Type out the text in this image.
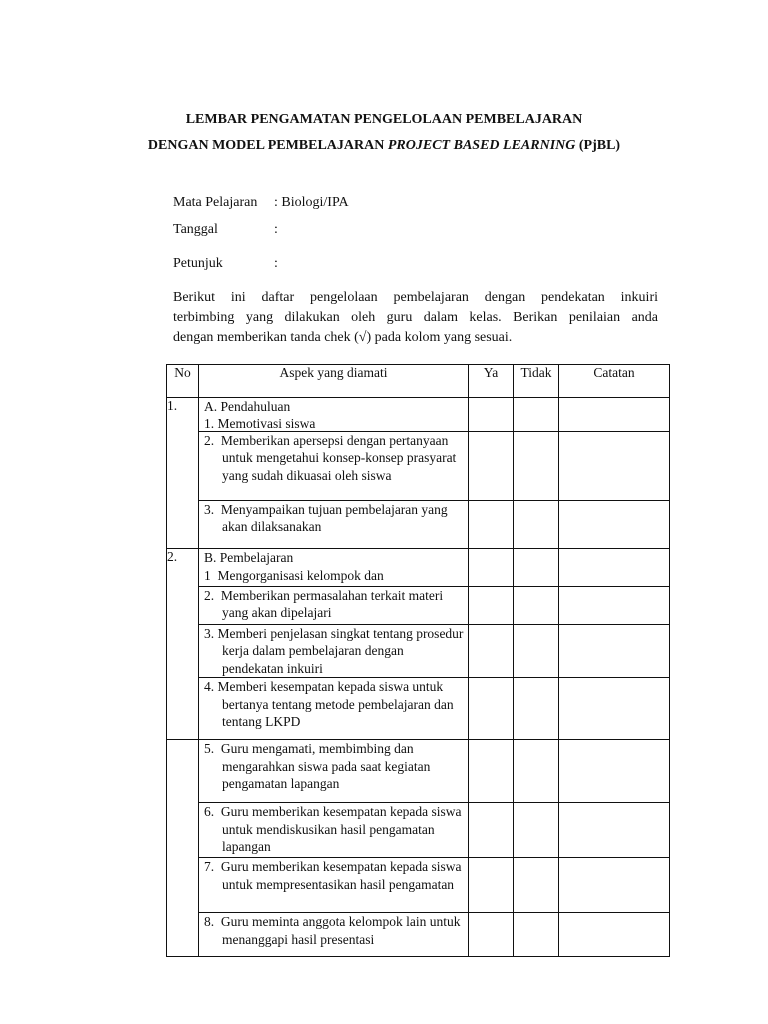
LEMBAR PENGAMATAN PENGELOLAAN PEMBELAJARAN
DENGAN MODEL PEMBELAJARAN PROJECT BASED LEARNING (PjBL)
Mata Pelajaran : Biologi/IPA
Tanggal	:
Petunjuk	:
Berikut ini daftar pengelolaan pembelajaran dengan pendekatan inkuiri
terbimbing yang dilakukan oleh guru dalam kelas. Berikan penilaian anda
dengan memberikan tanda chek (√) pada kolom yang sesuai.
No	Aspek yang diamati	Ya	Tidak	Catatan
1.	A. Pendahuluan
1. Memotivasi siswa			

	2. Memberikan apersepsi dengan pertanyaan untuk mengetahui konsep-konsep prasyarat yang sudah dikuasai oleh siswa			

	3. Menyampaikan tujuan pembelajaran yang akan dilaksanakan			

2.	B. Pembelajaran
1 Mengorganisasi kelompok dan			

	2. Memberikan permasalahan terkait materi yang akan dipelajari			

	3. Memberi penjelasan singkat tentang prosedur kerja dalam pembelajaran dengan pendekatan inkuiri			

	4. Memberi kesempatan kepada siswa untuk bertanya tentang metode pembelajaran dan tentang LKPD			

	5. Guru mengamati, membimbing dan mengarahkan siswa pada saat kegiatan pengamatan lapangan			

	6. Guru memberikan kesempatan kepada siswa untuk mendiskusikan hasil pengamatan lapangan			

	7. Guru memberikan kesempatan kepada siswa untuk mempresentasikan hasil pengamatan			

	8. Guru meminta anggota kelompok lain untuk menanggapi hasil presentasi			
